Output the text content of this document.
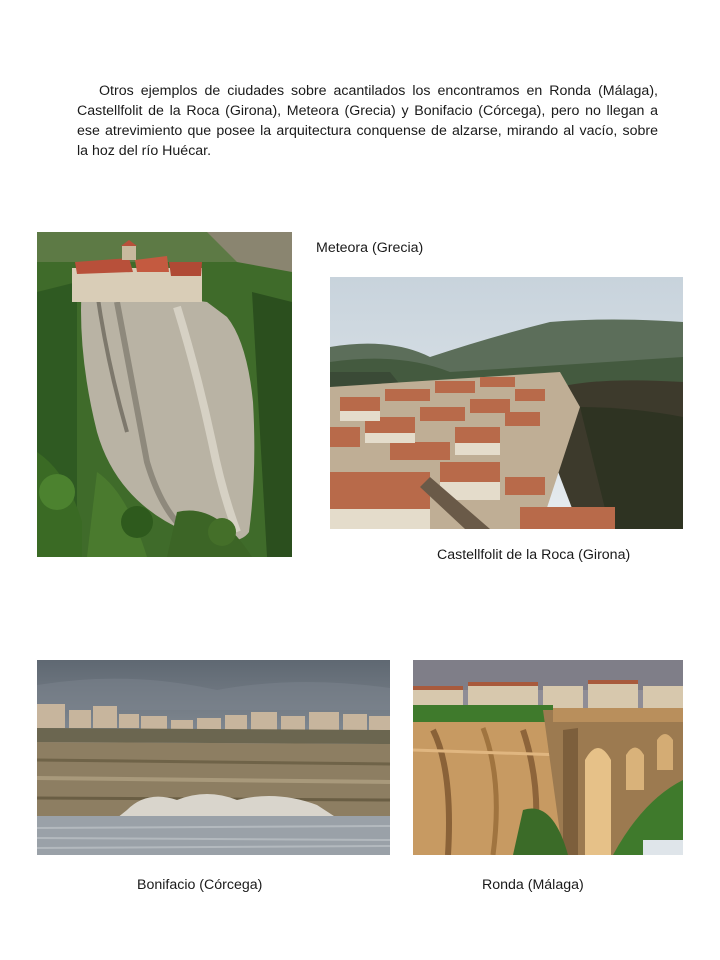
Otros ejemplos de ciudades sobre acantilados los encontramos en Ronda (Málaga), Castellfolit de la Roca (Girona), Meteora (Grecia) y Bonifacio (Córcega), pero no llegan a ese atrevimiento que posee la arquitectura conquense de alzarse, mirando al vacío, sobre la hoz del río Huécar.

Meteora (Grecia)
Castellfolit de la Roca (Girona)
Bonifacio (Córcega)	Ronda (Málaga)
